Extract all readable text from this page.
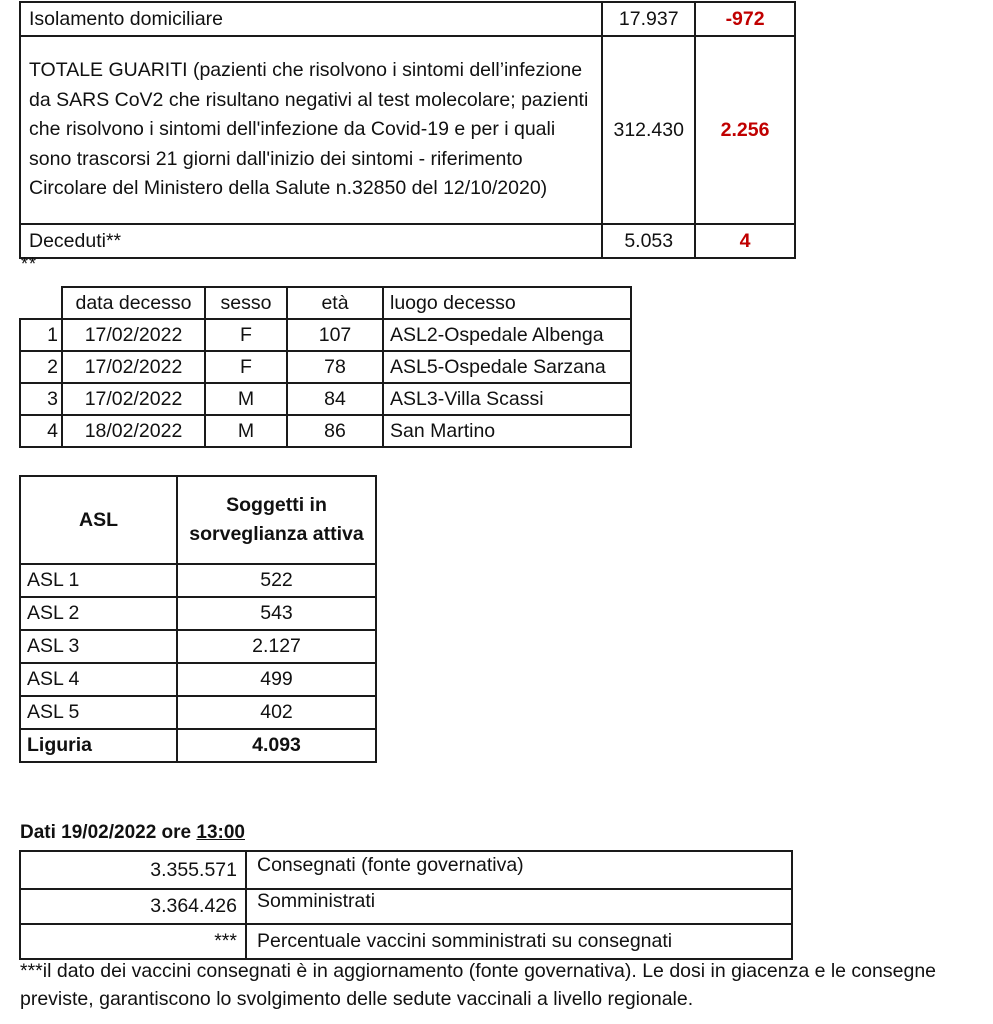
Isolamento domiciliare	17.937	-972
TOTALE GUARITI (pazienti che risolvono i sintomi dell’infezione da SARS CoV2 che risultano negativi al test molecolare; pazienti che risolvono i sintomi dell'infezione da Covid-19 e per i quali sono trascorsi 21 giorni dall'inizio dei sintomi - riferimento Circolare del Ministero della Salute n.32850 del 12/10/2020)	312.430	2.256
Deceduti**	5.053	4
**
	data decesso	sesso	età	luogo decesso
1	17/02/2022	F	107	ASL2-Ospedale Albenga
2	17/02/2022	F	78	ASL5-Ospedale Sarzana
3	17/02/2022	M	84	ASL3-Villa Scassi
4	18/02/2022	M	86	San Martino
ASL	Soggetti in sorveglianza attiva
ASL 1	522
ASL 2	543
ASL 3	2.127
ASL 4	499
ASL 5	402
Liguria	4.093
Dati 19/02/2022 ore 13:00
3.355.571	Consegnati (fonte governativa)
3.364.426	Somministrati
***	Percentuale vaccini somministrati su consegnati
***il dato dei vaccini consegnati è in aggiornamento (fonte governativa). Le dosi in giacenza e le consegne previste, garantiscono lo svolgimento delle sedute vaccinali a livello regionale.
